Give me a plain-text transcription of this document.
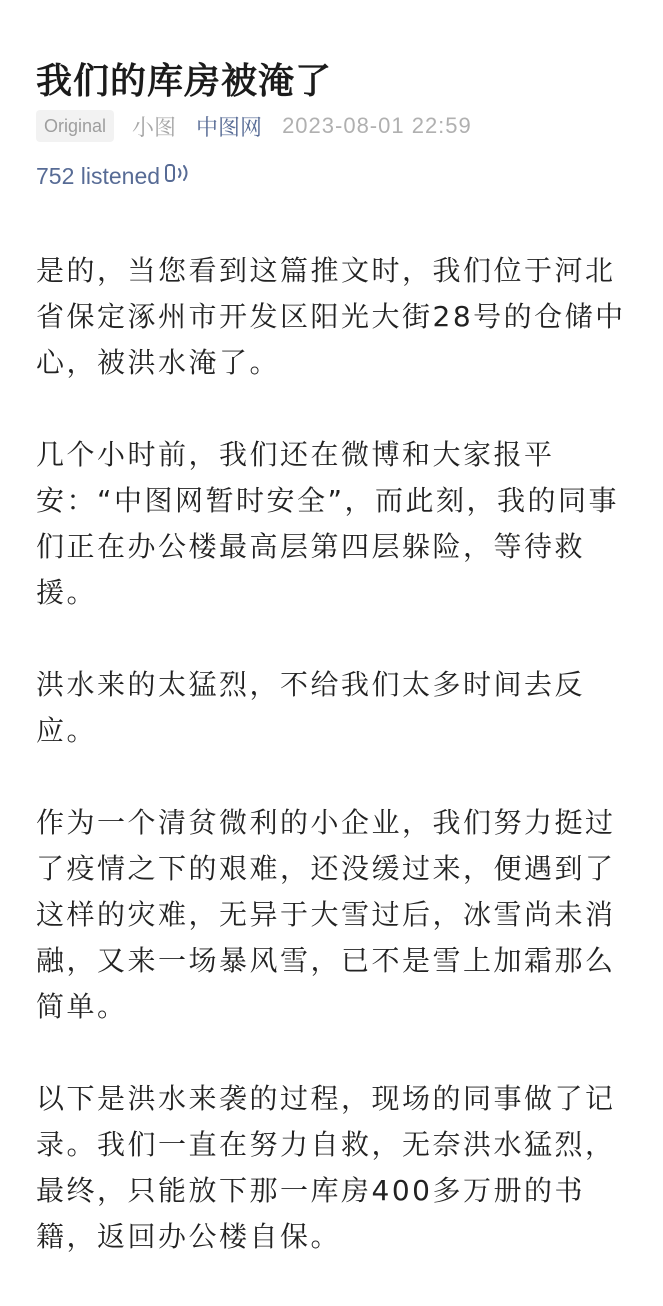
我们的库房被淹了
Original	小图 中图网 2023-08-01 22:59
752 listened

是的，当您看到这篇推文时，我们位于河北省保定涿州市开发区阳光大街28号的仓储中心，被洪水淹了。

几个小时前，我们还在微博和大家报平安：“中图网暂时安全”，而此刻，我的同事们正在办公楼最高层第四层躲险，等待救援。

洪水来的太猛烈，不给我们太多时间去反应。

作为一个清贫微利的小企业，我们努力挺过了疫情之下的艰难，还没缓过来，便遇到了这样的灾难，无异于大雪过后，冰雪尚未消融，又来一场暴风雪，已不是雪上加霜那么简单。

以下是洪水来袭的过程，现场的同事做了记录。我们一直在努力自救，无奈洪水猛烈，最终，只能放下那一库房400多万册的书籍，返回办公楼自保。
